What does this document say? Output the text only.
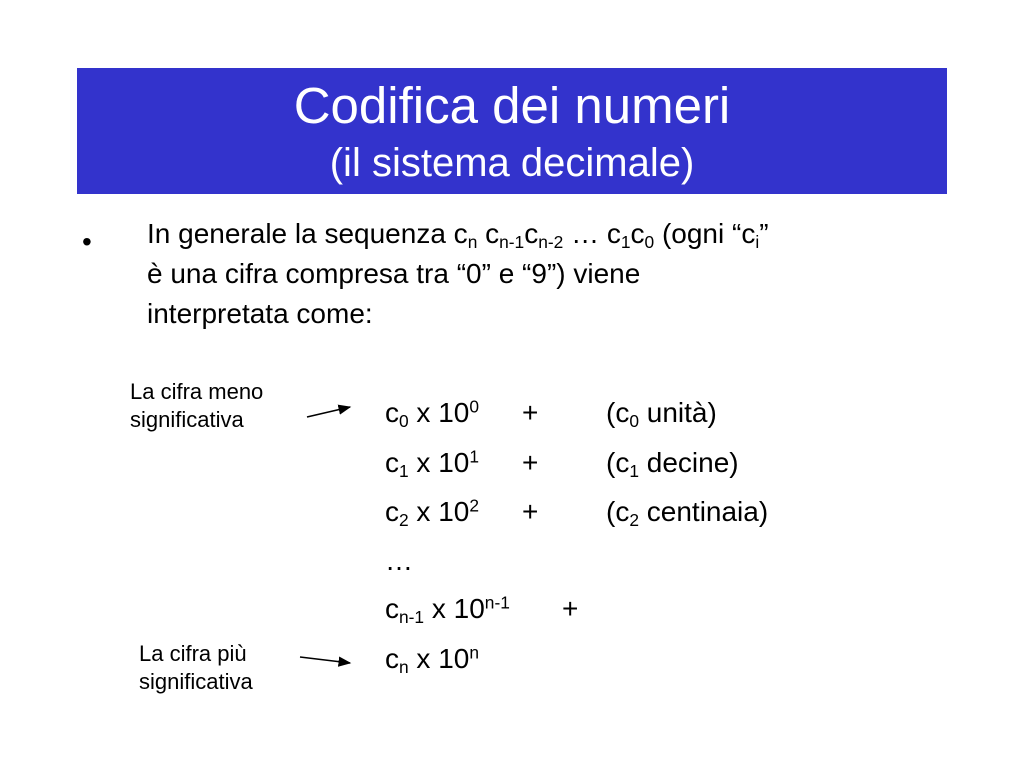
Codifica dei numeri
(il sistema decimale)
• In generale la sequenza $c_n$ $c_{n-1}c_{n-2}$ … $c_1c_0$ (ogni “$c_i$”
è una cifra compresa tra “0” e “9”) viene
interpretata come:
La cifra meno
significativa
La cifra più
significativa
$c_0$ x $10^0 + (c_0$ unità)
$c_1$ x $10^1 + (c_1$ decine)
$c_2$ x $10^2 + (c_2$ centinaia)
…
$c_{n-1}$ x $10^{n-1}$ +
$c_n$ x 10$^n$
